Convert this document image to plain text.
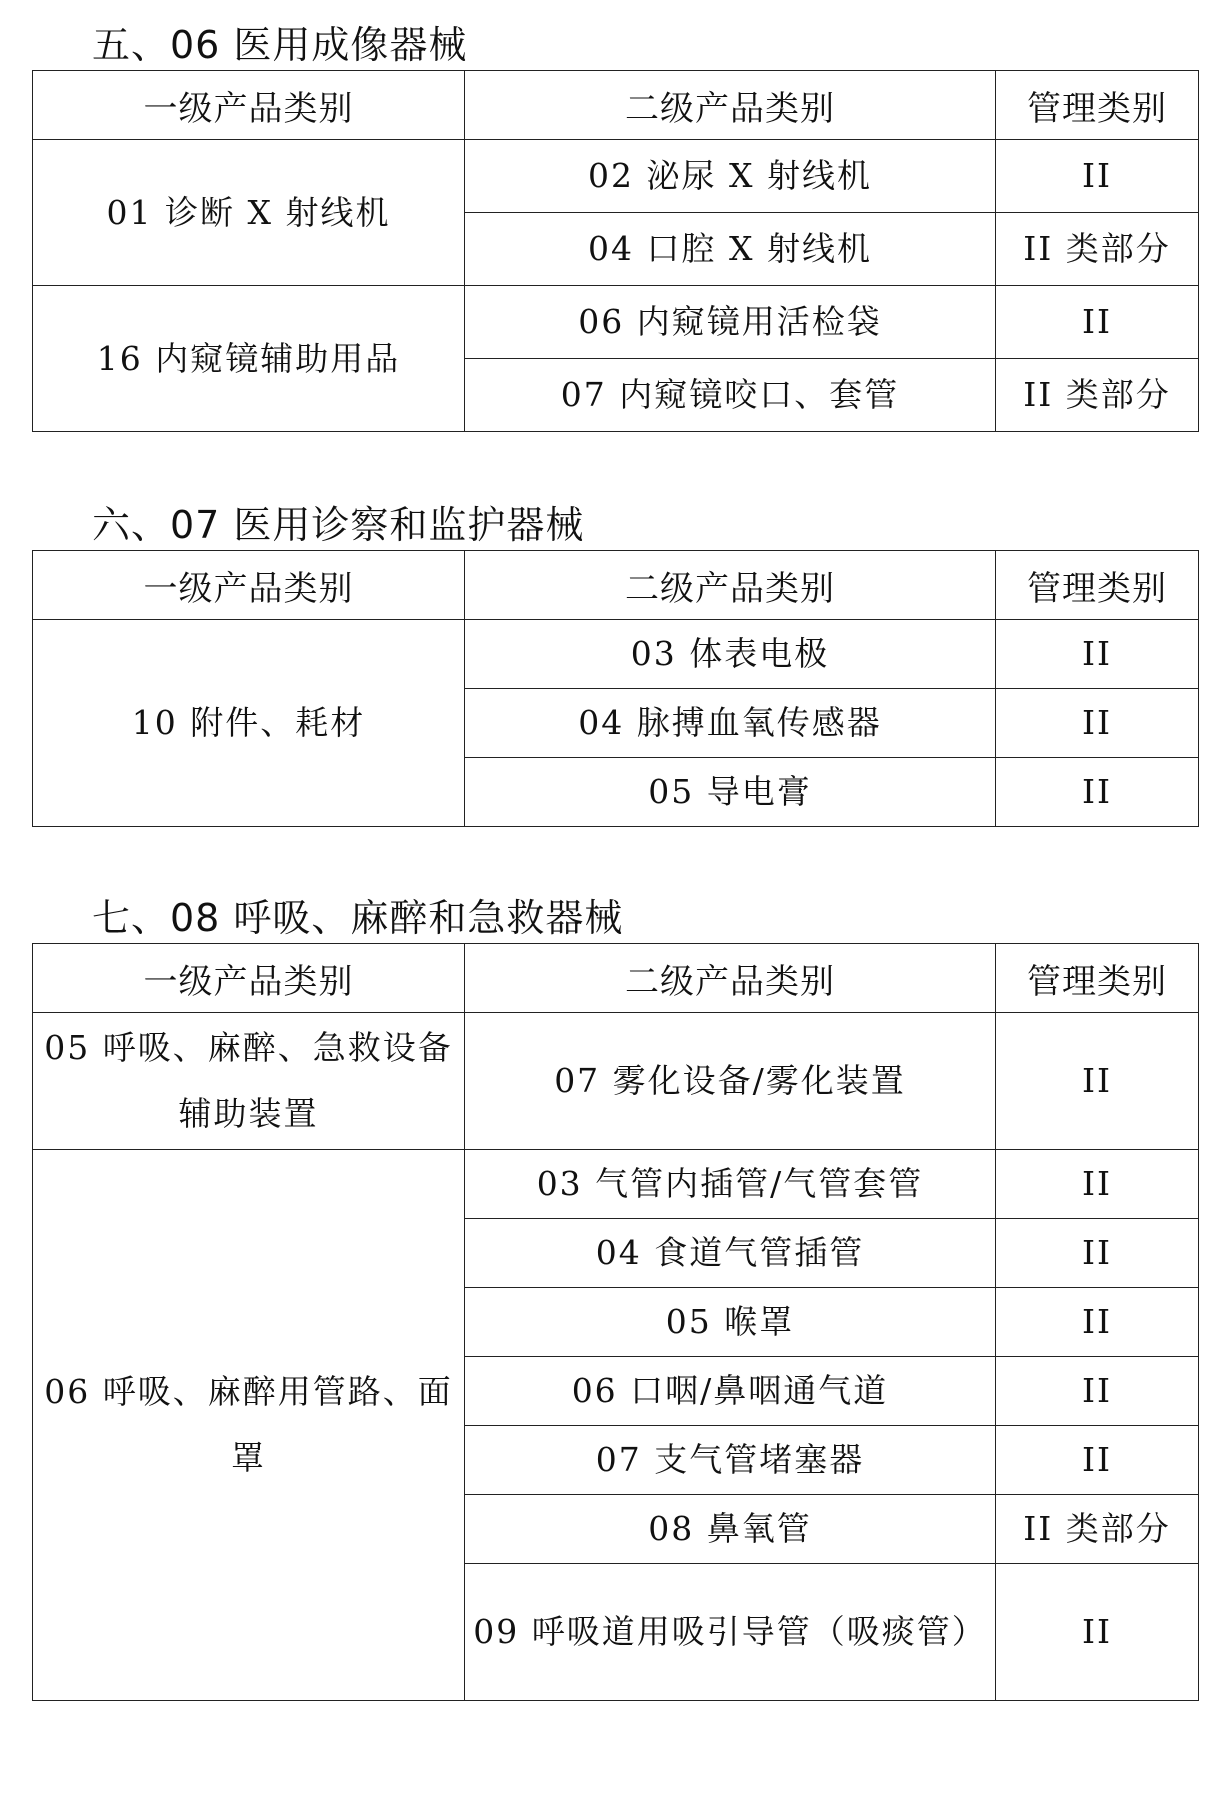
五、06 医用成像器械
一级产品类别	二级产品类别	管理类别
01 诊断 X 射线机	02 泌尿 X 射线机	II
	04 口腔 X 射线机	II 类部分
16 内窥镜辅助用品	06 内窥镜用活检袋	II
	07 内窥镜咬口、套管	II 类部分
六、07 医用诊察和监护器械
一级产品类别	二级产品类别	管理类别
10 附件、耗材	03 体表电极	II
	04 脉搏血氧传感器	II
	05 导电膏	II
七、08 呼吸、麻醉和急救器械
一级产品类别	二级产品类别	管理类别
05 呼吸、麻醉、急救设备辅助装置	07 雾化设备/雾化装置	II
06 呼吸、麻醉用管路、面罩	03 气管内插管/气管套管	II
	04 食道气管插管	II
	05 喉罩	II
	06 口咽/鼻咽通气道	II
	07 支气管堵塞器	II
	08 鼻氧管	II 类部分
	09 呼吸道用吸引导管（吸痰管）	II
